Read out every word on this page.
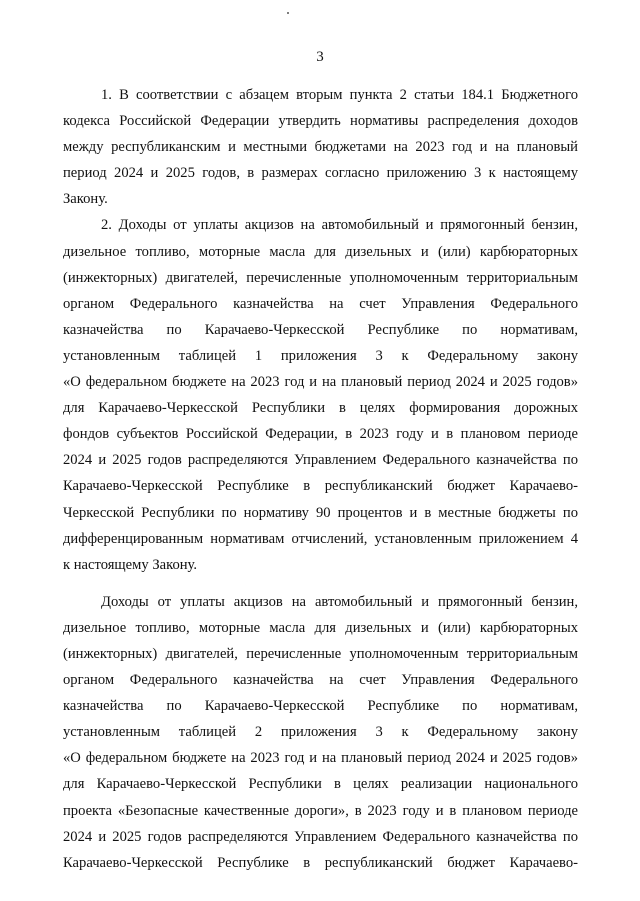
3
1. В соответствии с абзацем вторым пункта 2 статьи 184.1 Бюджетного
кодекса Российской Федерации утвердить нормативы распределения доходов
между республиканским и местными бюджетами на 2023 год и на плановый
период 2024 и 2025 годов, в размерах согласно приложению 3 к настоящему
Закону.
2. Доходы от уплаты акцизов на автомобильный и прямогонный бензин,
дизельное топливо, моторные масла для дизельных и (или) карбюраторных
(инжекторных) двигателей, перечисленные уполномоченным территориальным
органом Федерального казначейства на счет Управления Федерального
казначейства по Карачаево-Черкесской Республике по нормативам,
установленным таблицей 1 приложения 3 к Федеральному закону
«О федеральном бюджете на 2023 год и на плановый период 2024 и 2025 годов»
для Карачаево-Черкесской Республики в целях формирования дорожных
фондов субъектов Российской Федерации, в 2023 году и в плановом периоде
2024 и 2025 годов распределяются Управлением Федерального казначейства по
Карачаево-Черкесской Республике в республиканский бюджет Карачаево-
Черкесской Республики по нормативу 90 процентов и в местные бюджеты по
дифференцированным нормативам отчислений, установленным приложением 4
к настоящему Закону.
Доходы от уплаты акцизов на автомобильный и прямогонный бензин,
дизельное топливо, моторные масла для дизельных и (или) карбюраторных
(инжекторных) двигателей, перечисленные уполномоченным территориальным
органом Федерального казначейства на счет Управления Федерального
казначейства по Карачаево-Черкесской Республике по нормативам,
установленным таблицей 2 приложения 3 к Федеральному закону
«О федеральном бюджете на 2023 год и на плановый период 2024 и 2025 годов»
для Карачаево-Черкесской Республики в целях реализации национального
проекта «Безопасные качественные дороги», в 2023 году и в плановом периоде
2024 и 2025 годов распределяются Управлением Федерального казначейства по
Карачаево-Черкесской Республике в республиканский бюджет Карачаево-
